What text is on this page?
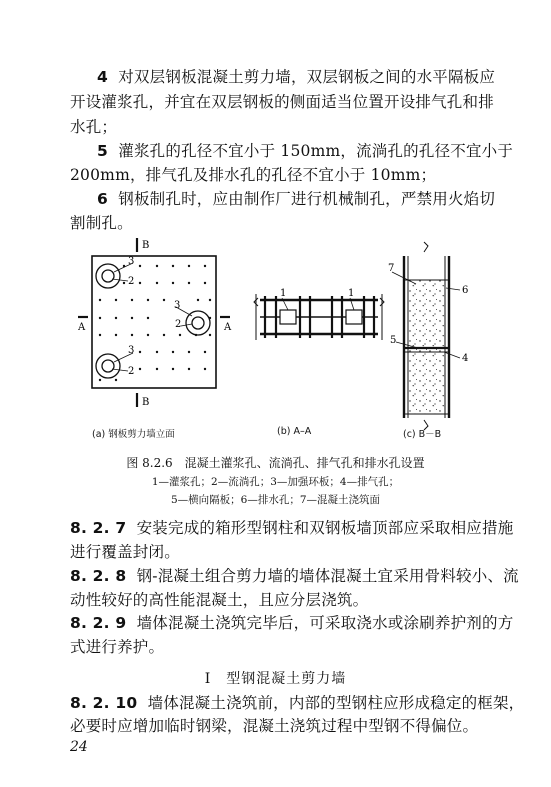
4 对双层钢板混凝土剪力墙，双层钢板之间的水平隔板应
开设灌浆孔，并宜在双层钢板的侧面适当位置开设排气孔和排
水孔；
5 灌浆孔的孔径不宜小于 150mm，流淌孔的孔径不宜小于
200mm，排气孔及排水孔的孔径不宜小于 10mm；
6 钢板制孔时，应由制作厂进行机械制孔，严禁用火焰切
割制孔。
B
B
A	A
3
2
3
2
3
2
1	1
7
6
5
4
(a) 钢板剪力墙立面	(b) A–A	(c) B－B
图 8.2.6　混凝土灌浆孔、流淌孔、排气孔和排水孔设置
1—灌浆孔；2—流淌孔；3—加强环板；4—排气孔；
5—横向隔板；6—排水孔；7—混凝土浇筑面
8. 2. 7 安装完成的箱形型钢柱和双钢板墙顶部应采取相应措施
进行覆盖封闭。
8. 2. 8 钢-混凝土组合剪力墙的墙体混凝土宜采用骨料较小、流
动性较好的高性能混凝土，且应分层浇筑。
8. 2. 9 墙体混凝土浇筑完毕后，可采取浇水或涂刷养护剂的方
式进行养护。
Ⅰ　型钢混凝土剪力墙
8. 2. 10 墙体混凝土浇筑前，内部的型钢柱应形成稳定的框架，
必要时应增加临时钢梁，混凝土浇筑过程中型钢不得偏位。
24
